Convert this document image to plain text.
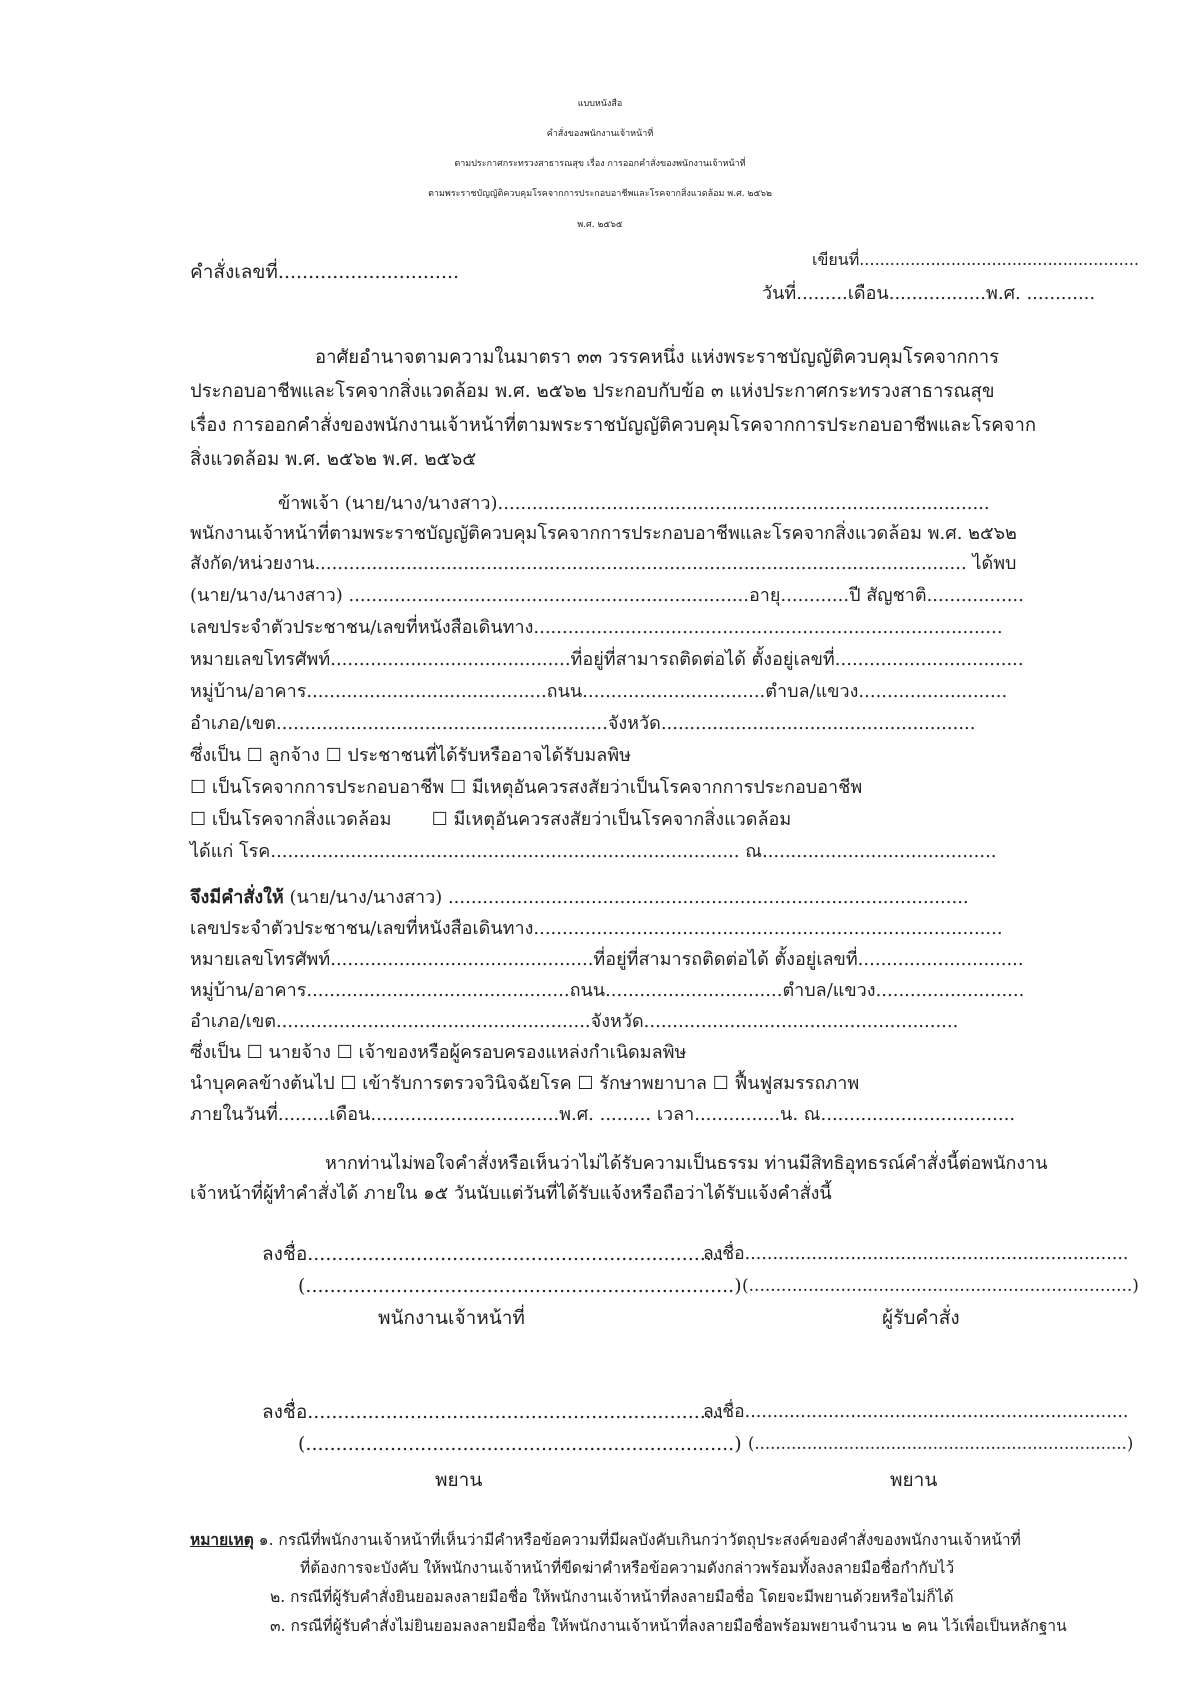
แบบหนังสือ
คำสั่งของพนักงานเจ้าหน้าที่
ตามประกาศกระทรวงสาธารณสุข เรื่อง การออกคำสั่งของพนักงานเจ้าหน้าที่
ตามพระราชบัญญัติควบคุมโรคจากการประกอบอาชีพและโรคจากสิ่งแวดล้อม พ.ศ. ๒๕๖๒
พ.ศ. ๒๕๖๕
คำสั่งเลขที่..............................
เขียนที่.......................................................
วันที่.........เดือน.................พ.ศ. ............
อาศัยอำนาจตามความในมาตรา ๓๓ วรรคหนึ่ง แห่งพระราชบัญญัติควบคุมโรคจากการ
ประกอบอาชีพและโรคจากสิ่งแวดล้อม พ.ศ. ๒๕๖๒ ประกอบกับข้อ ๓ แห่งประกาศกระทรวงสาธารณสุข
เรื่อง การออกคำสั่งของพนักงานเจ้าหน้าที่ตามพระราชบัญญัติควบคุมโรคจากการประกอบอาชีพและโรคจาก
สิ่งแวดล้อม พ.ศ. ๒๕๖๒ พ.ศ. ๒๕๖๕
ข้าพเจ้า (นาย/นาง/นางสาว)......................................................................................
พนักงานเจ้าหน้าที่ตามพระราชบัญญัติควบคุมโรคจากการประกอบอาชีพและโรคจากสิ่งแวดล้อม พ.ศ. ๒๕๖๒
สังกัด/หน่วยงาน.................................................................................................................. ได้พบ
(นาย/นาง/นางสาว) ......................................................................อายุ............ปี สัญชาติ.................
เลขประจำตัวประชาชน/เลขที่หนังสือเดินทาง..................................................................................
หมายเลขโทรศัพท์..........................................ที่อยู่ที่สามารถติดต่อได้ ตั้งอยู่เลขที่.................................
หมู่บ้าน/อาคาร..........................................ถนน................................ตำบล/แขวง..........................
อำเภอ/เขต..........................................................จังหวัด.......................................................
ซึ่งเป็น ☐ ลูกจ้าง ☐ ประชาชนที่ได้รับหรืออาจได้รับมลพิษ
☐ เป็นโรคจากการประกอบอาชีพ ☐ มีเหตุอันควรสงสัยว่าเป็นโรคจากการประกอบอาชีพ
☐ เป็นโรคจากสิ่งแวดล้อม       ☐ มีเหตุอันควรสงสัยว่าเป็นโรคจากสิ่งแวดล้อม
ได้แก่ โรค.................................................................................. ณ.........................................
จึงมีคำสั่งให้ (นาย/นาง/นางสาว) ...........................................................................................
เลขประจำตัวประชาชน/เลขที่หนังสือเดินทาง..................................................................................
หมายเลขโทรศัพท์..............................................ที่อยู่ที่สามารถติดต่อได้ ตั้งอยู่เลขที่.............................
หมู่บ้าน/อาคาร..............................................ถนน...............................ตำบล/แขวง..........................
อำเภอ/เขต.......................................................จังหวัด.......................................................
ซึ่งเป็น ☐ นายจ้าง ☐ เจ้าของหรือผู้ครอบครองแหล่งกำเนิดมลพิษ
นำบุคคลข้างต้นไป ☐ เข้ารับการตรวจวินิจฉัยโรค ☐ รักษาพยาบาล ☐ ฟื้นฟูสมรรถภาพ
ภายในวันที่.........เดือน.................................พ.ศ. ......... เวลา...............น. ณ..................................
หากท่านไม่พอใจคำสั่งหรือเห็นว่าไม่ได้รับความเป็นธรรม ท่านมีสิทธิอุทธรณ์คำสั่งนี้ต่อพนักงาน
เจ้าหน้าที่ผู้ทำคำสั่งได้ ภายใน ๑๕ วันนับแต่วันที่ได้รับแจ้งหรือถือว่าได้รับแจ้งคำสั่งนี้
ลงชื่อ.....................................................................
(.......................................................................)
พนักงานเจ้าหน้าที่
ลงชื่อ.....................................................................
(.......................................................................)
ผู้รับคำสั่ง
ลงชื่อ.....................................................................
(.......................................................................)
พยาน
ลงชื่อ.....................................................................
(.......................................................................)
พยาน
หมายเหตุ ๑. กรณีที่พนักงานเจ้าหน้าที่เห็นว่ามีคำหรือข้อความที่มีผลบังคับเกินกว่าวัตถุประสงค์ของคำสั่งของพนักงานเจ้าหน้าที่
ที่ต้องการจะบังคับ ให้พนักงานเจ้าหน้าที่ขีดฆ่าคำหรือข้อความดังกล่าวพร้อมทั้งลงลายมือชื่อกำกับไว้
๒. กรณีที่ผู้รับคำสั่งยินยอมลงลายมือชื่อ ให้พนักงานเจ้าหน้าที่ลงลายมือชื่อ โดยจะมีพยานด้วยหรือไม่ก็ได้
๓. กรณีที่ผู้รับคำสั่งไม่ยินยอมลงลายมือชื่อ ให้พนักงานเจ้าหน้าที่ลงลายมือชื่อพร้อมพยานจำนวน ๒ คน ไว้เพื่อเป็นหลักฐาน
